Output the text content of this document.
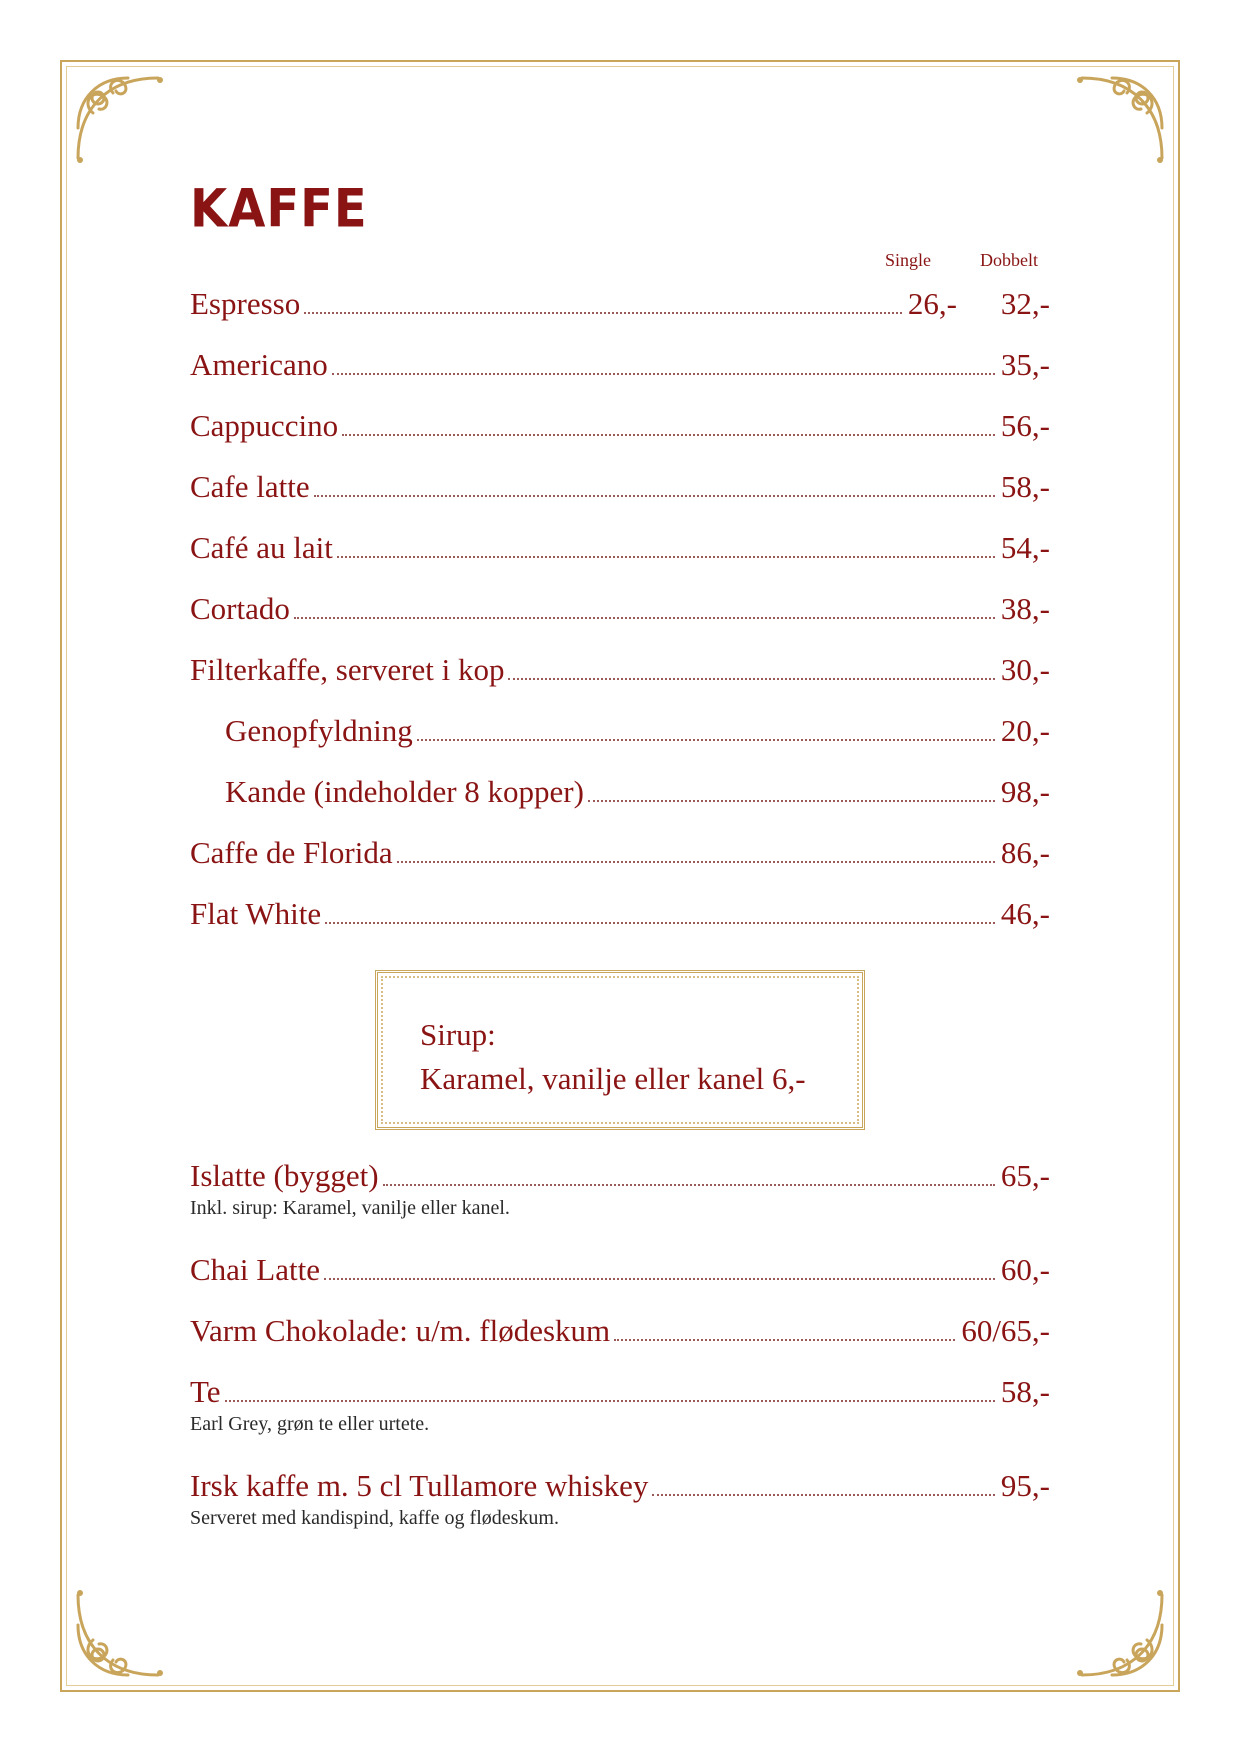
KAFFE
Single	Dobbelt
Espresso	26,- 32,-
Americano	35,-
Cappuccino	56,-
Cafe latte	58,-
Café au lait	54,-
Cortado	38,-
Filterkaffe, serveret i kop	30,-
Genopfyldning	20,-
Kande (indeholder 8 kopper)	98,-
Caffe de Florida	86,-
Flat White	46,-
Sirup:
Karamel, vanilje eller kanel 6,-
Islatte (bygget)	65,-
Inkl. sirup: Karamel, vanilje eller kanel.
Chai Latte	60,-
Varm Chokolade: u/m. flødeskum	60/65,-
Te	58,-
Earl Grey, grøn te eller urtete.
Irsk kaffe m. 5 cl Tullamore whiskey	95,-
Serveret med kandispind, kaffe og flødeskum.
